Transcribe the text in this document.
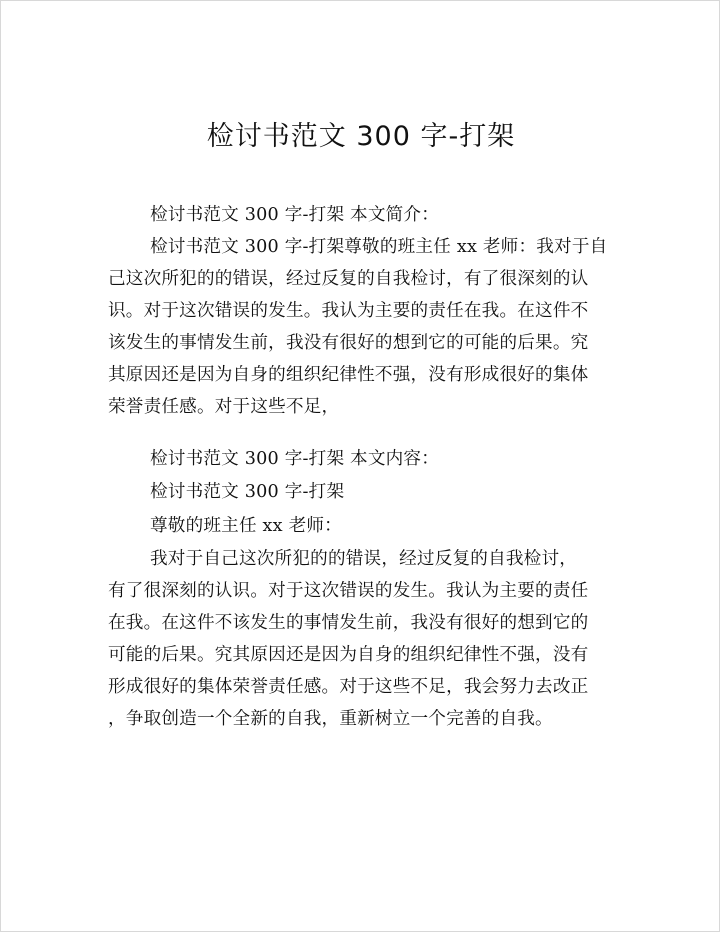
检讨书范文 300 字-打架
检讨书范文 300 字-打架 本文简介：
检讨书范文 300 字-打架尊敬的班主任 xx 老师：我对于自
己这次所犯的的错误，经过反复的自我检讨，有了很深刻的认
识。对于这次错误的发生。我认为主要的责任在我。在这件不
该发生的事情发生前，我没有很好的想到它的可能的后果。究
其原因还是因为自身的组织纪律性不强，没有形成很好的集体
荣誉责任感。对于这些不足，
检讨书范文 300 字-打架 本文内容：
检讨书范文 300 字-打架
尊敬的班主任 xx 老师：
我对于自己这次所犯的的错误，经过反复的自我检讨，
有了很深刻的认识。对于这次错误的发生。我认为主要的责任
在我。在这件不该发生的事情发生前，我没有很好的想到它的
可能的后果。究其原因还是因为自身的组织纪律性不强，没有
形成很好的集体荣誉责任感。对于这些不足，我会努力去改正
，争取创造一个全新的自我，重新树立一个完善的自我。
